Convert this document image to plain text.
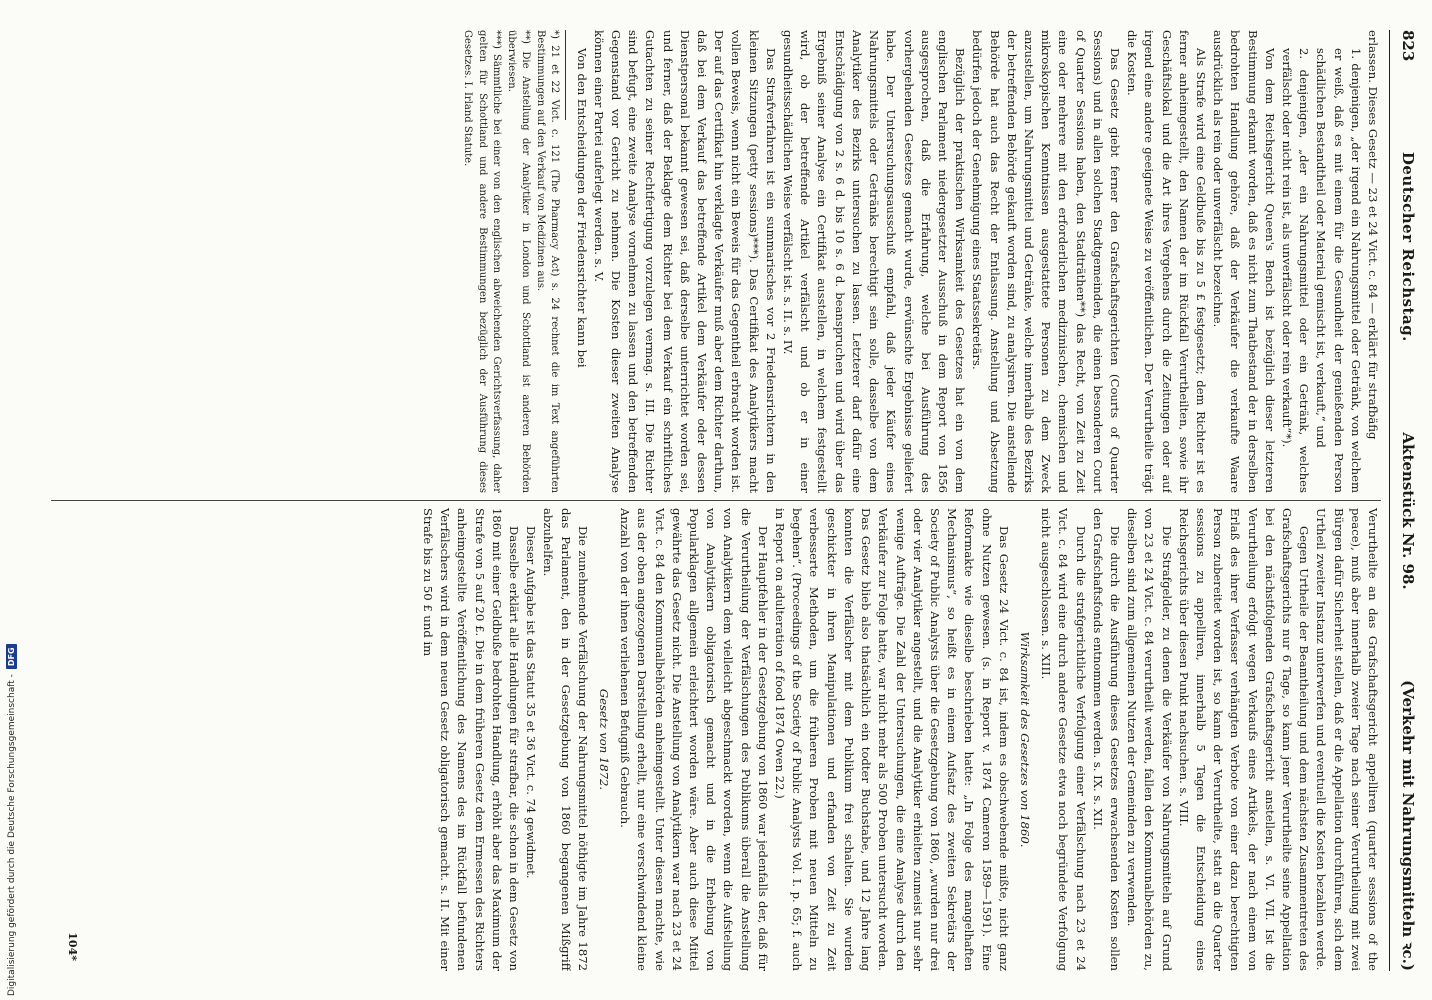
823
Deutscher Reichstag.
Aktenstück Nr. 98.
(Verkehr mit Nahrungsmitteln ꝛc.)

erlassen. Dieses Gesetz — 23 et 24 Vict. c. 84 — erklärt für strafbäfig

1. denjenigen, „der irgend ein Nahrungsmittel oder Getränk, von welchem er weiß, daß es mit einem für die Gesundheit der genießenden Person schädlichen Bestandtheil oder Material gemischt ist, verkauft,“ und

2. denjenigen, „der ein Nahrungsmittel oder ein Getränk, welches verfälscht oder nicht rein ist, als unverfälscht oder rein verkauft“*).

Von dem Reichsgericht Queen's Bench ist bezüglich dieser letzteren Bestimmung erkannt worden, daß es nicht zum Thatbestand der in derselben bedrohten Handlung gehöre, daß der Verkäufer die verkaufte Waare ausdrücklich als rein oder unverfälscht bezeichne.

Als Strafe wird eine Geldbuße bis zu 5 £ festgesetzt; dem Richter ist es ferner anheimgestellt, den Namen der im Rückfall Verurtheilten, sowie ihr Geschäftslokal und die Art ihres Vergehens durch die Zeitungen oder auf irgend eine andere geeignete Weise zu veröffentlichen. Der Verurtheilte trägt die Kosten.

Das Gesetz giebt ferner den Grafschaftsgerichten (Courts of Quarter Sessions) und in allen solchen Stadtgemeinden, die einen besonderen Court of Quarter Sessions haben, den Stadträthen**) das Recht, von Zeit zu Zeit eine oder mehrere mit den erforderlichen medizinischen, chemischen und mikroskopischen Kenntnissen ausgestattete Personen zu dem Zweck anzustellen, um Nahrungsmittel und Getränke, welche innerhalb des Bezirks der betreffenden Behörde gekauft worden sind, zu analysiren. Die anstellende Behörde hat auch das Recht der Entlassung. Anstellung und Absetzung bedürfen jedoch der Genehmigung eines Staatssekretärs.

Bezüglich der praktischen Wirksamkeit des Gesetzes hat ein von dem englischen Parlament niedergesetzter Ausschuß in dem Report von 1856 ausgesprochen, daß die Erfahrung, welche bei Ausführung des vorhergehenden Gesetzes gemacht wurde, erwünschte Ergebnisse geliefert habe. Der Untersuchungsausschuß empfahl, daß jeder Käufer eines Nahrungsmittels oder Getränks berechtigt sein solle, dasselbe von dem Analytiker des Bezirks untersuchen zu lassen. Letzterer darf dafür eine Entschädigung von 2 s. 6 d. bis 10 s. 6 d. beanspruchen und wird über das Ergebniß seiner Analyse ein Certifikat ausstellen, in welchem festgestellt wird, ob der betreffende Artikel verfälscht und ob er in einer gesundheitsschädlichen Weise verfälscht ist. s. II. s. IV.

Das Strafverfahren ist ein summarisches vor 2 Friedensrichtern in den kleinen Sitzungen (petty sessions)***). Das Certifikat des Analytikers macht vollen Beweis, wenn nicht ein Beweis für das Gegentheil erbracht worden ist. Der auf das Certifikat hin verklagte Verkäufer muß aber dem Richter darthun, daß bei dem Verkauf das betreffende Artikel dem Verkäufer oder dessen Dienstpersonal bekannt gewesen sei, daß derselbe unterrichtet worden sei, und ferner, daß der Beklagte dem Richter bei dem Verkauf ein schriftliches Gutachten zu seiner Rechtfertigung vorzulegen vermag. s. III. Die Richter sind befugt, eine zweite Analyse vornehmen zu lassen und den betreffenden Gegenstand vor Gericht zu nehmen. Die Kosten dieser zweiten Analyse können einer Partei auferlegt werden. s. V.

Von den Entscheidungen der Friedensrichter kann bei

*) 21 et 22 Vict. c. 121 (The Pharmacy Act) s. 24 rechnet die im Text angeführten Bestimmungen auf den Verkauf von Medizinen aus.

**) Die Anstellung der Analytiker in London und Schottland ist anderen Behörden überwiesen.

***) Sämmtliche bei einer von den englischen abweichenden Gerichtsverfassung, daher gelten für Schottland und andere Bestimmungen bezüglich der Ausführung dieses Gesetzes. I. Irland Statute.

Verurtheilte an das Grafschaftsgericht appelliren (quarter sessions of the peace), muß aber innerhalb zweier Tage nach seiner Verurtheilung mit zwei Bürgen dafür Sicherheit stellen, daß er die Appellation durchführen, sich dem Urtheil zweiter Instanz unterwerfen und eventuell die Kosten bezahlen werde.

Gegen Urtheile der Beamtheilung und dem nächsten Zusammentreten des Grafschaftsgerichts nur 6 Tage, so kann jener Verurtheilte seine Appellation bei den nächstfolgenden Grafschaftsgericht anstellen, s. VI. VII. Ist die Verurtheilung erfolgt wegen Verkaufs eines Artikels, der nach einem von Erlaß des ihrer Verfasser verhängten Verbote von einer dazu berechtigten Person zubereitet worden ist, so kann der Verurtheilte, statt an die Quarter sessions zu appelliren, innerhalb 5 Tagen die Entscheidung eines Reichsgerichts über diesen Punkt nachsuchen. s. VIII.

Die Strafgelder, zu denen die Verkäufer von Nahrungsmitteln auf Grund von 23 et 24 Vict. c. 84 verurtheilt werden, fallen den Kommunalbehörden zu, dieselben sind zum allgemeinen Nutzen der Gemeinden zu verwenden.

Die durch die Ausführung dieses Gesetzes erwachsenden Kosten sollen den Grafschaftsfonds entnommen werden. s. IX. s. XII.

Durch die strafgerichtliche Verfolgung einer Verfälschung nach 23 et 24 Vict. c. 84 wird eine durch andere Gesetze etwa noch begründete Verfolgung nicht ausgeschlossen. s. XIII.

Wirksamkeit des Gesetzes von 1860.

Das Gesetz 24 Vict. c. 84 ist, indem es obschwebende mißte, nicht ganz ohne Nutzen gewesen. (s. in Report v. 1874 Cameron 1589—1591). Eine Reformakte wie dieselbe beschrieben hatte: „In Folge des mangelhaften Mechanismus“, so heißt es in einem Aufsatz des zweiten Sekretärs der Society of Public Analysts über die Gesetzgebung von 1860, „wurden nur drei oder vier Analytiker angestellt, und die Analytiker erhielten zumeist nur sehr wenige Aufträge. Die Zahl der Untersuchungen, die eine Analyse durch den Verkäufer zur Folge hatte, war nicht mehr als 500 Proben untersucht worden. Das Gesetz blieb also thatsächlich ein todter Buchstabe, und 12 Jahre lang konnten die Verfälscher mit dem Publikum frei schalten. Sie wurden geschickter in ihren Manipulationen und erfanden von Zeit zu Zeit verbesserte Methoden, um die früheren Proben mit neuen Mitteln zu begehen“. (Proceedings of the Society of Public Analysts Vol. I. p. 65; f. auch in Report on adulteration of food 1874 Owen 22.)

Der Hauptfehler in der Gesetzgebung von 1860 war jedenfalls der, daß für die Verurtheilung der Verfälschungen des Publikums überall die Anstellung von Analytikern dem vielleicht abgeschmackt worden, wenn die Aufstellung von Analytikern obligatorisch gemacht und in die Erhebung von Popularklagen allgemein erleichtert worden wäre. Aber auch diese Mittel gewährte das Gesetz nicht. Die Anstellung von Analytikern war nach 23 et 24 Vict. c. 84 den Kommunalbehörden anheimgestellt. Unter diesen machte, wie aus der oben angezogenen Darstellung erhellt, nur eine verschwindend kleine Anzahl von der ihnen verliehenen Befugniß Gebrauch.

Gesetz von 1872.

Die zunehmende Verfälschung der Nahrungsmittel nöthigte im Jahre 1872 das Parlament, den in der Gesetzgebung von 1860 begangenen Mißgriff abzuhelfen.

Dieser Aufgabe ist das Statut 35 et 36 Vict. c. 74 gewidmet.

Dasselbe erklärt alle Handlungen für strafbar, die schon in dem Gesetz von 1860 mit einer Geldbuße bedrohten Handlung, erhöht aber das Maximum der Strafe von 5 auf 20 £. Die in dem früheren Gesetz dem Ermessen des Richters anheimgestellte Veröffentlichung des Namens des im Rückfall befundenen Verfälschers wird in dem neuen Gesetz obligatorisch gemacht. s. II. Mit einer Strafe bis zu 50 £ und im

104*
Digitalisierung gefördert durch die Deutsche Forschungsgemeinschaft -
DFG
